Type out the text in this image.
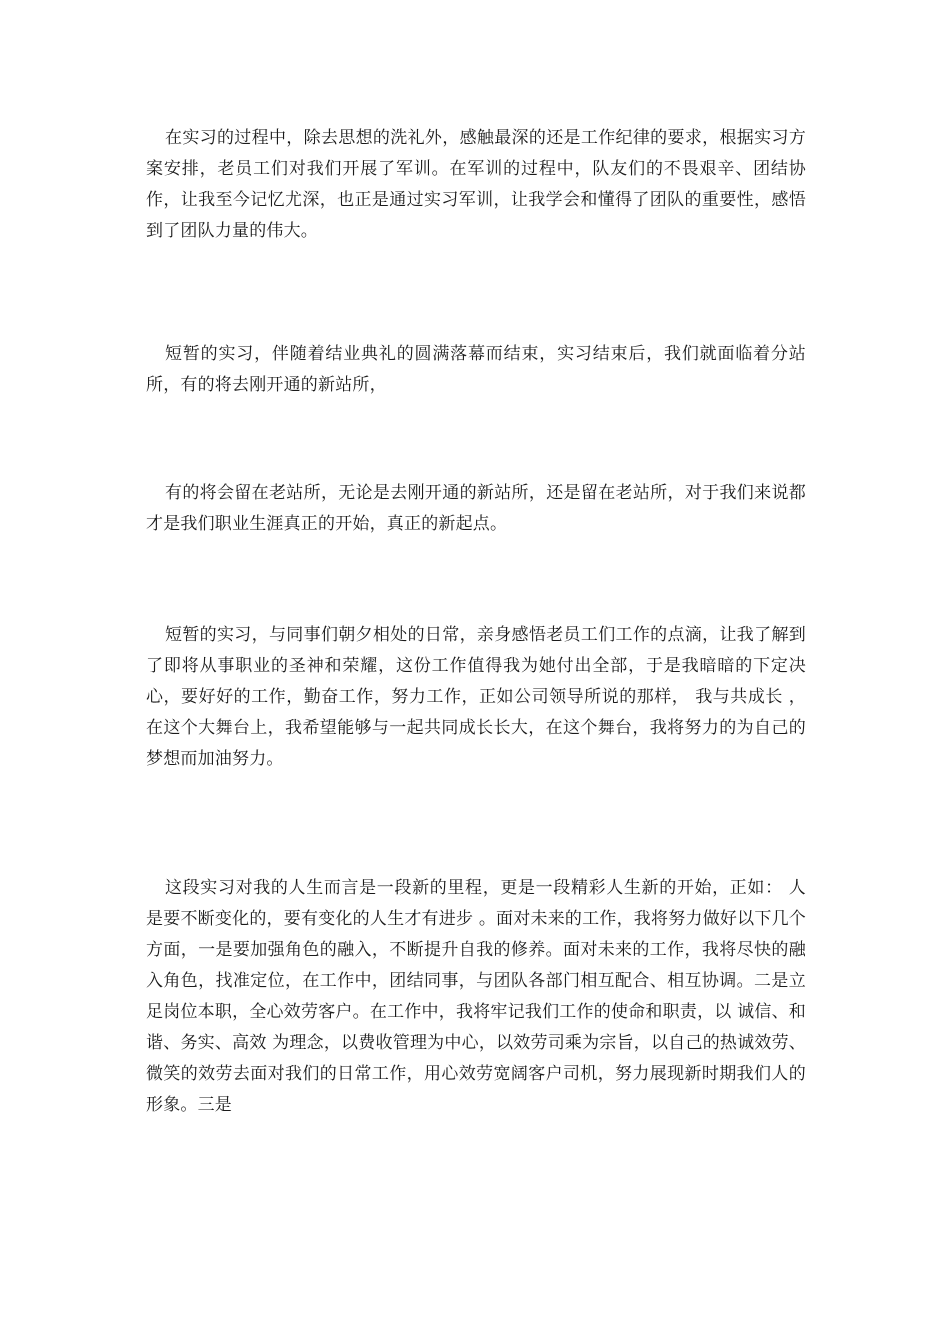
在实习的过程中，除去思想的洗礼外，感触最深的还是工作纪律的要求，根据实习方案安排，老员工们对我们开展了军训。在军训的过程中，队友们的不畏艰辛、团结协作，让我至今记忆尤深，也正是通过实习军训，让我学会和懂得了团队的重要性，感悟到了团队力量的伟大。

短暂的实习，伴随着结业典礼的圆满落幕而结束，实习结束后，我们就面临着分站所，有的将去刚开通的新站所，

有的将会留在老站所，无论是去刚开通的新站所，还是留在老站所，对于我们来说都才是我们职业生涯真正的开始，真正的新起点。

短暂的实习，与同事们朝夕相处的日常，亲身感悟老员工们工作的点滴，让我了解到了即将从事职业的圣神和荣耀，这份工作值得我为她付出全部，于是我暗暗的下定决心，要好好的工作，勤奋工作，努力工作，正如公司领导所说的那样， 我与共成长 ，在这个大舞台上，我希望能够与一起共同成长长大，在这个舞台，我将努力的为自己的梦想而加油努力。

这段实习对我的人生而言是一段新的里程，更是一段精彩人生新的开始，正如： 人是要不断变化的，要有变化的人生才有进步 。面对未来的工作，我将努力做好以下几个方面，一是要加强角色的融入，不断提升自我的修养。面对未来的工作，我将尽快的融入角色，找准定位，在工作中，团结同事，与团队各部门相互配合、相互协调。二是立足岗位本职，全心效劳客户。在工作中，我将牢记我们工作的使命和职责，以 诚信、和谐、务实、高效 为理念，以费收管理为中心，以效劳司乘为宗旨，以自己的热诚效劳、微笑的效劳去面对我们的日常工作，用心效劳宽阔客户司机，努力展现新时期我们人的形象。三是
